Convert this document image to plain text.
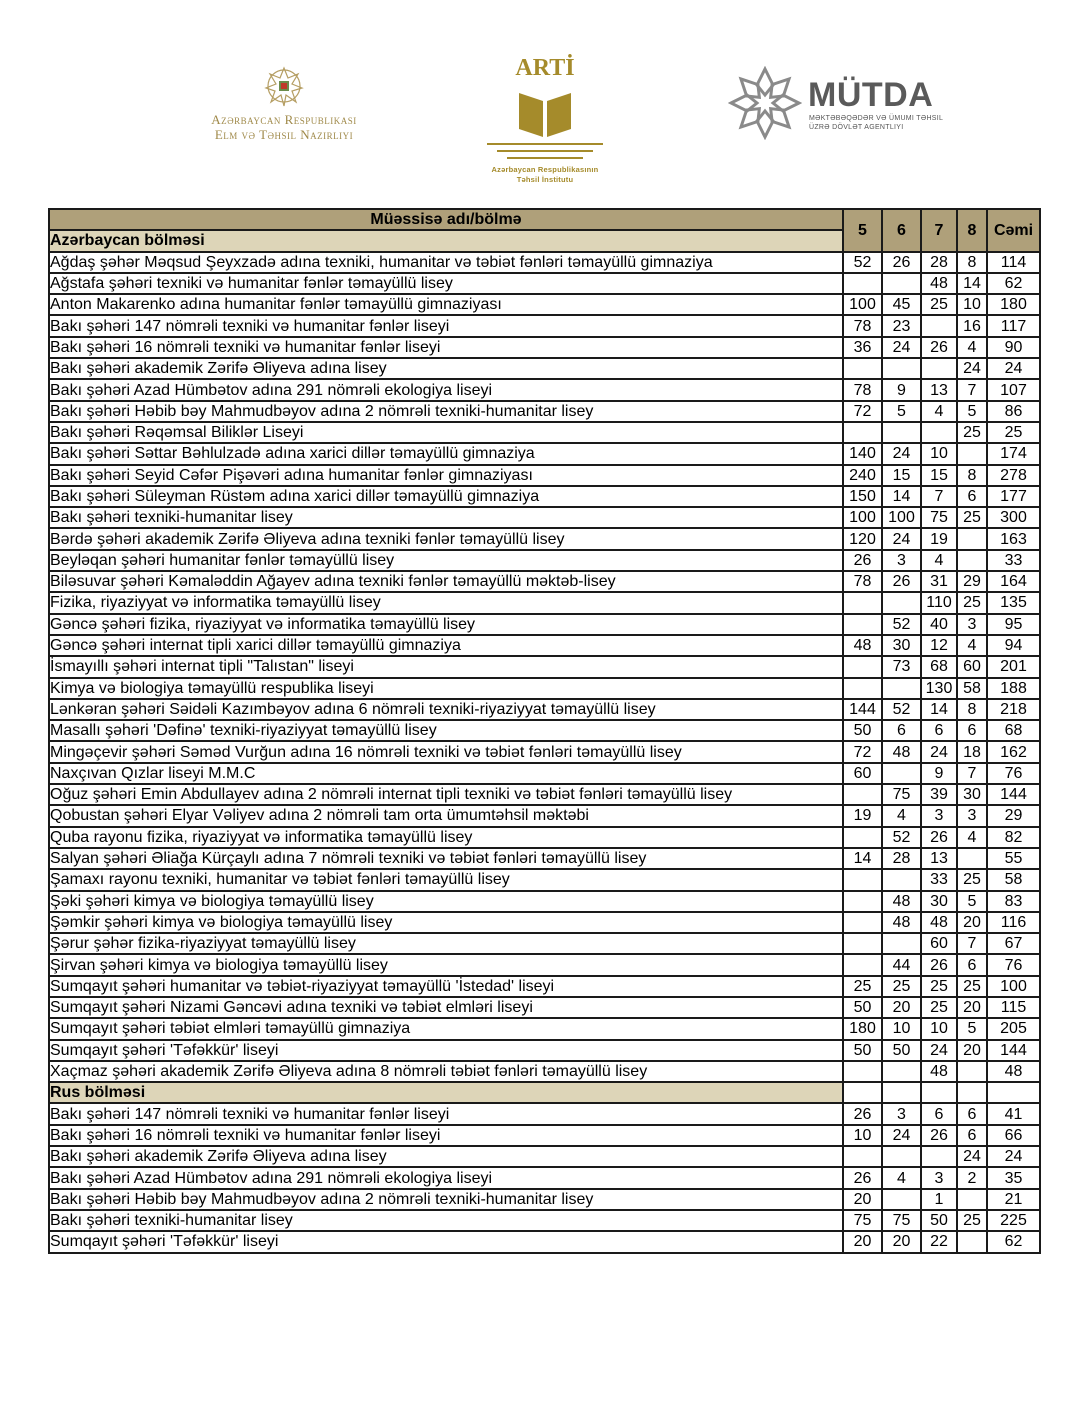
Azərbaycan Respublikası
Elm və Təhsil Nazirliyi
ARTİ
Azərbaycan Respublikasının
Təhsil İnstitutu
MÜTDA
MƏKTƏBƏQƏDƏR VƏ ÜMUMI TƏHSIL
ÜZRƏ DÖVLƏT AGENTLIYI
Müəssisə adı/bölmə	5	6	7	8	Cəmi
Azərbaycan bölməsi					
Ağdaş şəhər Məqsud Şeyxzadə adına texniki, humanitar və təbiət fənləri təmayüllü gimnaziya	52	26	28	8	114
Ağstafa şəhəri texniki və humanitar fənlər təmayüllü lisey			48	14	62
Anton Makarenko adına humanitar fənlər təmayüllü gimnaziyası	100	45	25	10	180
Bakı şəhəri 147 nömrəli texniki və humanitar fənlər liseyi	78	23		16	117
Bakı şəhəri 16 nömrəli texniki və humanitar fənlər liseyi	36	24	26	4	90
Bakı şəhəri akademik Zərifə Əliyeva adına lisey				24	24
Bakı şəhəri Azad Hümbətov adına 291 nömrəli ekologiya liseyi	78	9	13	7	107
Bakı şəhəri Həbib bəy Mahmudbəyov adına 2 nömrəli texniki-humanitar lisey	72	5	4	5	86
Bakı şəhəri Rəqəmsal Biliklər Liseyi				25	25
Bakı şəhəri Səttar Bəhlulzadə adına xarici dillər təmayüllü gimnaziya	140	24	10		174
Bakı şəhəri Seyid Cəfər Pişəvəri adına humanitar fənlər gimnaziyası	240	15	15	8	278
Bakı şəhəri Süleyman Rüstəm adına xarici dillər təmayüllü gimnaziya	150	14	7	6	177
Bakı şəhəri texniki-humanitar lisey	100	100	75	25	300
Bərdə şəhəri akademik Zərifə Əliyeva adına texniki fənlər təmayüllü lisey	120	24	19		163
Beyləqan şəhəri humanitar fənlər təmayüllü lisey	26	3	4		33
Biləsuvar şəhəri Kəmaləddin Ağayev adına texniki fənlər təmayüllü məktəb-lisey	78	26	31	29	164
Fizika, riyaziyyat və informatika təmayüllü lisey			110	25	135
Gəncə şəhəri fizika, riyaziyyat və informatika təmayüllü lisey		52	40	3	95
Gəncə şəhəri internat tipli xarici dillər təmayüllü gimnaziya	48	30	12	4	94
İsmayıllı şəhəri internat tipli "Talıstan" liseyi		73	68	60	201
Kimya və biologiya təmayüllü respublika liseyi			130	58	188
Lənkəran şəhəri Səidəli Kazımbəyov adına 6 nömrəli texniki-riyaziyyat təmayüllü lisey	144	52	14	8	218
Masallı şəhəri 'Dəfinə' texniki-riyaziyyat təmayüllü lisey	50	6	6	6	68
Mingəçevir şəhəri Səməd Vurğun adına 16 nömrəli texniki və təbiət fənləri təmayüllü lisey	72	48	24	18	162
Naxçıvan Qızlar liseyi M.M.C	60		9	7	76
Oğuz şəhəri Emin Abdullayev adına 2 nömrəli internat tipli texniki və təbiət fənləri təmayüllü lisey		75	39	30	144
Qobustan şəhəri Elyar Vəliyev adına 2 nömrəli tam orta ümumtəhsil məktəbi	19	4	3	3	29
Quba rayonu fizika, riyaziyyat və informatika təmayüllü lisey		52	26	4	82
Salyan şəhəri Əliağa Kürçaylı adına 7 nömrəli texniki və təbiət fənləri təmayüllü lisey	14	28	13		55
Şamaxı rayonu texniki, humanitar və təbiət fənləri təmayüllü lisey			33	25	58
Şəki şəhəri kimya və biologiya təmayüllü lisey		48	30	5	83
Şəmkir şəhəri kimya və biologiya təmayüllü lisey		48	48	20	116
Şərur şəhər fizika-riyaziyyat təmayüllü lisey			60	7	67
Şirvan şəhəri kimya və biologiya təmayüllü lisey		44	26	6	76
Sumqayıt şəhəri humanitar və təbiət-riyaziyyat təmayüllü 'İstedad' liseyi	25	25	25	25	100
Sumqayıt şəhəri Nizami Gəncəvi adına texniki və təbiət elmləri liseyi	50	20	25	20	115
Sumqayıt şəhəri təbiət elmləri təmayüllü gimnaziya	180	10	10	5	205
Sumqayıt şəhəri 'Təfəkkür' liseyi	50	50	24	20	144
Xaçmaz şəhəri akademik Zərifə Əliyeva adına 8 nömrəli təbiət fənləri təmayüllü lisey			48		48
Rus bölməsi					
Bakı şəhəri 147 nömrəli texniki və humanitar fənlər liseyi	26	3	6	6	41
Bakı şəhəri 16 nömrəli texniki və humanitar fənlər liseyi	10	24	26	6	66
Bakı şəhəri akademik Zərifə Əliyeva adına lisey				24	24
Bakı şəhəri Azad Hümbətov adına 291 nömrəli ekologiya liseyi	26	4	3	2	35
Bakı şəhəri Həbib bəy Mahmudbəyov adına 2 nömrəli texniki-humanitar lisey	20		1		21
Bakı şəhəri texniki-humanitar lisey	75	75	50	25	225
Sumqayıt şəhəri 'Təfəkkür' liseyi	20	20	22		62
